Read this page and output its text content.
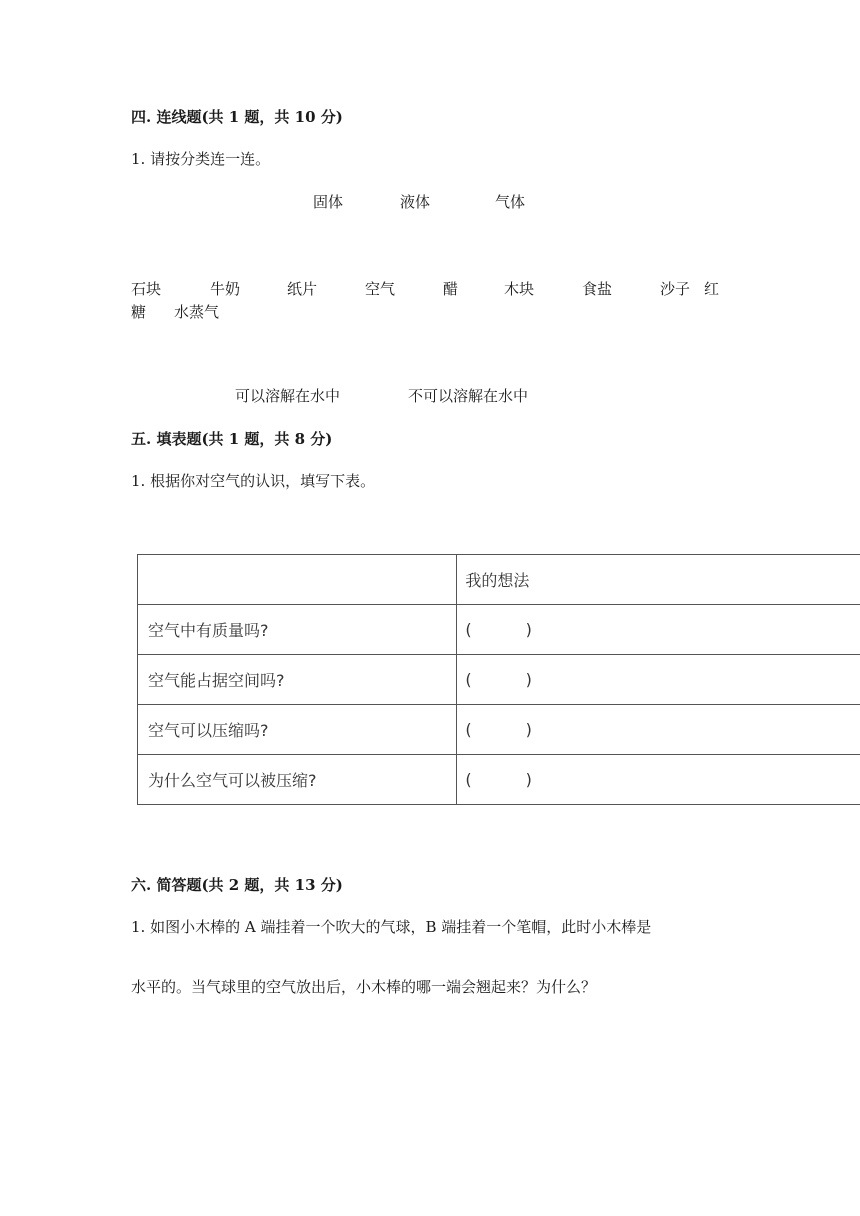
四. 连线题(共 1 题，共 10 分)
1. 请按分类连一连。
固体	液体	气体
石块	牛奶	纸片	空气	醋	木块	食盐	沙子 红
糖 水蒸气
可以溶解在水中	不可以溶解在水中
五. 填表题(共 1 题，共 8 分)
1. 根据你对空气的认识，填写下表。
	我的想法
空气中有质量吗?	( )
空气能占据空间吗?	( )
空气可以压缩吗?	( )
为什么空气可以被压缩?	( )
六. 简答题(共 2 题，共 13 分)
1. 如图小木棒的 A 端挂着一个吹大的气球，B 端挂着一个笔帽，此时小木棒是
水平的。当气球里的空气放出后，小木棒的哪一端会翘起来？为什么？
